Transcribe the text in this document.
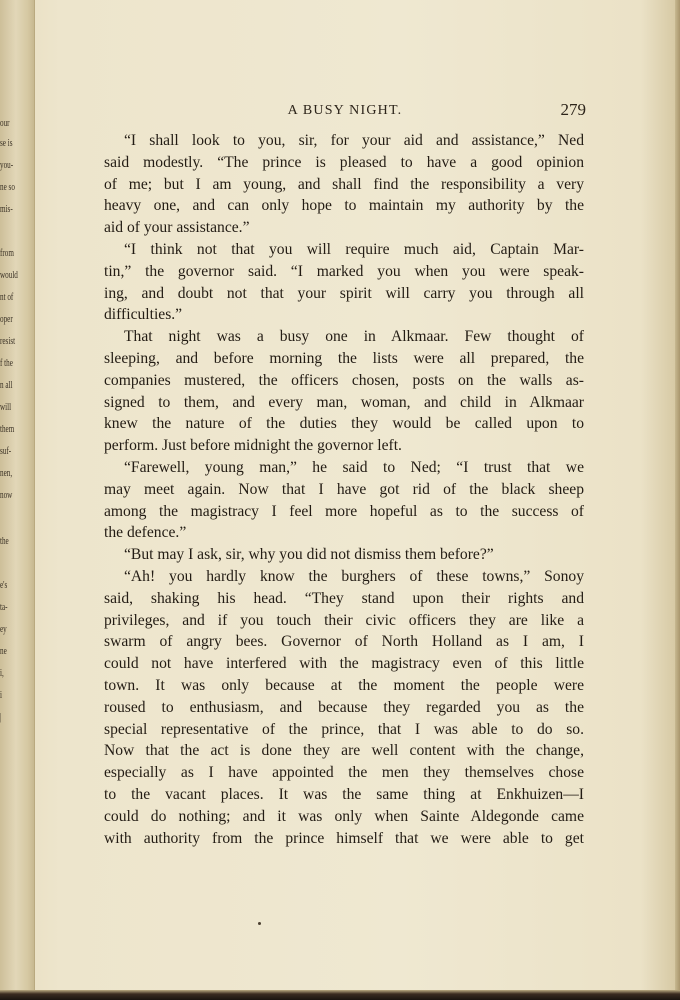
our
se is
you-
ne so
mis-
from
would
nt of
oper
resist
f the
n all
will
them
suf-
nen,
now
the
e's
ta-
ey
ne
i,
i
|
A BUSY NIGHT.	279
“I shall look to you, sir, for your aid and assistance,” Ned
said modestly. “The prince is pleased to have a good opinion
of me; but I am young, and shall find the responsibility a very
heavy one, and can only hope to maintain my authority by the
aid of your assistance.”
“I think not that you will require much aid, Captain Mar-
tin,” the governor said. “I marked you when you were speak-
ing, and doubt not that your spirit will carry you through all
difficulties.”
That night was a busy one in Alkmaar. Few thought of
sleeping, and before morning the lists were all prepared, the
companies mustered, the officers chosen, posts on the walls as-
signed to them, and every man, woman, and child in Alkmaar
knew the nature of the duties they would be called upon to
perform. Just before midnight the governor left.
“Farewell, young man,” he said to Ned; “I trust that we
may meet again. Now that I have got rid of the black sheep
among the magistracy I feel more hopeful as to the success of
the defence.”
“But may I ask, sir, why you did not dismiss them before?”
“Ah! you hardly know the burghers of these towns,” Sonoy
said, shaking his head. “They stand upon their rights and
privileges, and if you touch their civic officers they are like a
swarm of angry bees. Governor of North Holland as I am, I
could not have interfered with the magistracy even of this little
town. It was only because at the moment the people were
roused to enthusiasm, and because they regarded you as the
special representative of the prince, that I was able to do so.
Now that the act is done they are well content with the change,
especially as I have appointed the men they themselves chose
to the vacant places. It was the same thing at Enkhuizen—I
could do nothing; and it was only when Sainte Aldegonde came
with authority from the prince himself that we were able to get
